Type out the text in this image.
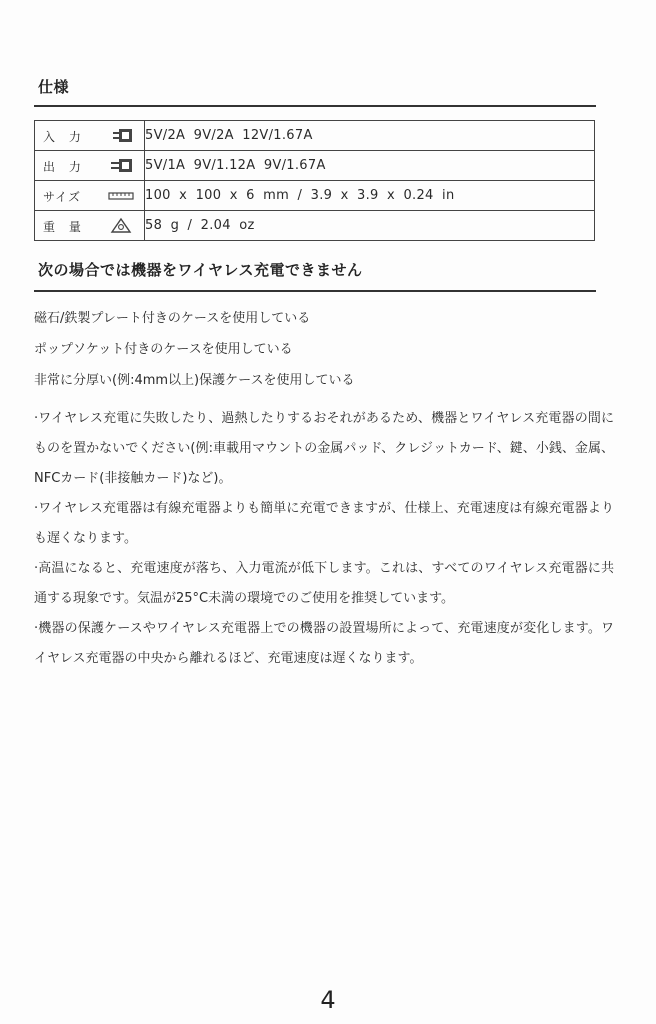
仕様
入 力	5V/2A 9V/2A 12V/1.67A

出 力	5V/1A 9V/1.12A 9V/1.67A

サイズ	100 x 100 x 6 mm / 3.9 x 3.9 x 0.24 in

重 量	58 g / 2.04 oz
次の場合では機器をワイヤレス充電できません
磁石/鉄製プレート付きのケースを使用している
ポップソケット付きのケースを使用している
非常に分厚い(例:4mm以上)保護ケースを使用している

·ワイヤレス充電に失敗したり、過熱したりするおそれがあるため、機器とワイヤレス充電器の間にものを置かないでください(例:車載用マウントの金属パッド、クレジットカード、鍵、小銭、金属、NFCカード(非接触カード)など)。

·ワイヤレス充電器は有線充電器よりも簡単に充電できますが、仕様上、充電速度は有線充電器よりも遅くなります。

·高温になると、充電速度が落ち、入力電流が低下します。これは、すべてのワイヤレス充電器に共通する現象です。気温が25°C未満の環境でのご使用を推奨しています。

·機器の保護ケースやワイヤレス充電器上での機器の設置場所によって、充電速度が変化します。ワイヤレス充電器の中央から離れるほど、充電速度は遅くなります。

4
